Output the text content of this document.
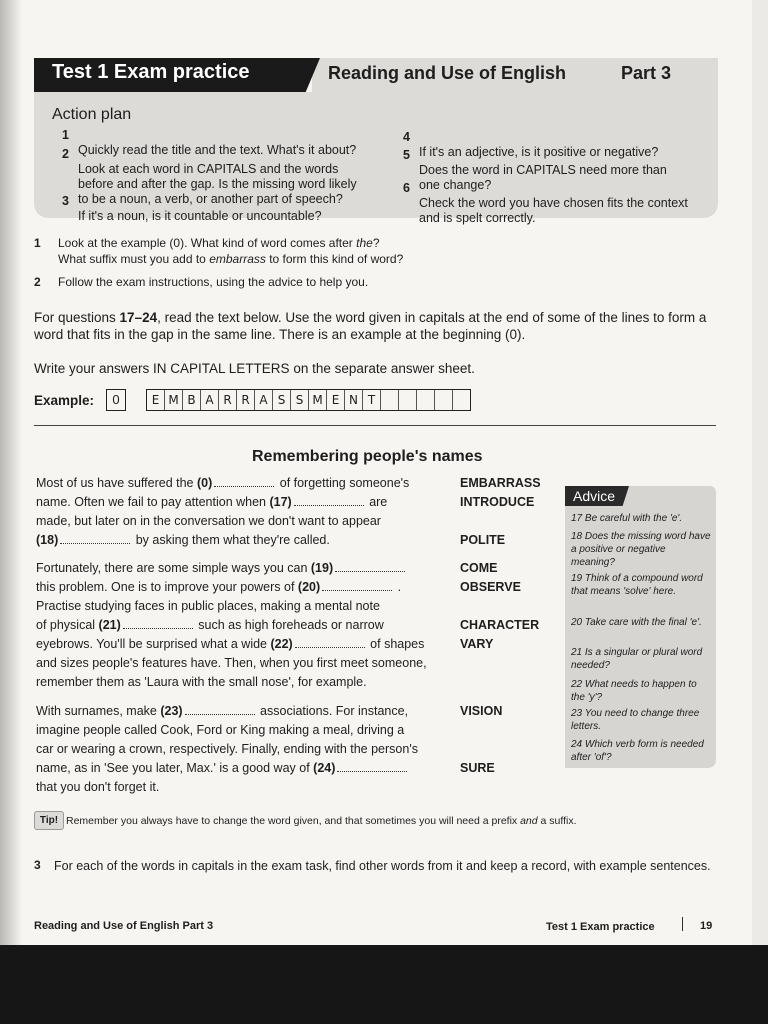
Test 1 Exam practice	Reading and Use of English	Part 3
Action plan

1
Quickly read the title and the text. What's it about?

2
Look at each word in CAPITALS and the words
before and after the gap. Is the missing word likely
to be a noun, a verb, or another part of speech?

3
If it's a noun, is it countable or uncountable?

4
If it's an adjective, is it positive or negative?

5
Does the word in CAPITALS need more than
one change?

6
Check the word you have chosen fits the context
and is spelt correctly.

1 Look at the example (0). What kind of word comes after the?
What suffix must you add to embarrass to form this kind of word?
2 Follow the exam instructions, using the advice to help you.
For questions 17–24, read the text below. Use the word given in capitals at the end of some of the lines to form a word that fits in the gap in the same line. There is an example at the beginning (0).
Write your answers IN CAPITAL LETTERS on the separate answer sheet.
Example:	0	E M B A R R A S S M E N T
Remembering people's names
Most of us have suffered the (0)	of forgetting someone's
name. Often we fail to pay attention when (17)	are
made, but later on in the conversation we don't want to appear
(18)	by asking them what they're called.
Fortunately, there are some simple ways you can (19)
this problem. One is to improve your powers of (20)	.
Practise studying faces in public places, making a mental note
of physical (21)	such as high foreheads or narrow
eyebrows. You'll be surprised what a wide (22)	of shapes
and sizes people's features have. Then, when you first meet someone,
remember them as 'Laura with the small nose', for example.
With surnames, make (23)	associations. For instance,
imagine people called Cook, Ford or King making a meal, driving a
car or wearing a crown, respectively. Finally, ending with the person's
name, as in 'See you later, Max.' is a good way of (24)
that you don't forget it.
EMBARRASS
INTRODUCE
POLITE
COME
OBSERVE
CHARACTER
VARY
VISION
SURE
Advice
17 Be careful with the 'e'.
18 Does the missing word have a positive or negative meaning?
19 Think of a compound word that means 'solve' here.
20 Take care with the final 'e'.
21 Is a singular or plural word needed?
22 What needs to happen to the 'y'?
23 You need to change three letters.
24 Which verb form is needed after 'of'?
Tip! Remember you always have to change the word given, and that sometimes you will need a prefix and a suffix.
3 For each of the words in capitals in the exam task, find other words from it and keep a record, with example sentences.
Reading and Use of English Part 3	Test 1 Exam practice	19
